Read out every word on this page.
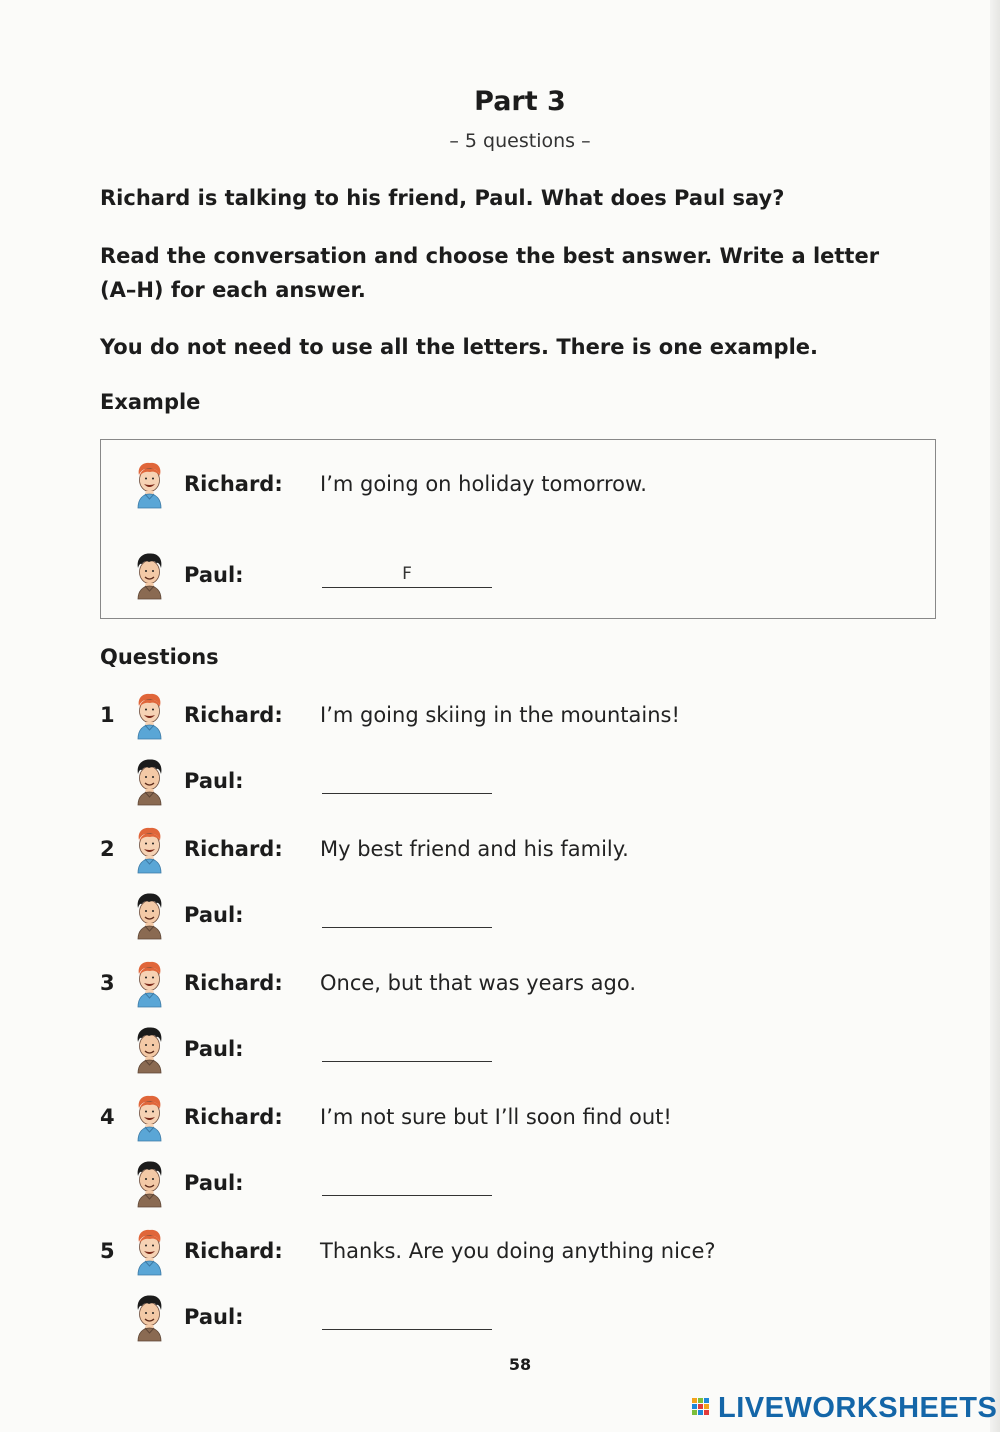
Part 3
– 5 questions –
Richard is talking to his friend, Paul. What does Paul say?
Read the conversation and choose the best answer. Write a letter (A–H) for each answer.
You do not need to use all the letters. There is one example.
Example
Richard: I’m going on holiday tomorrow.
Paul:	F
Questions
1	Richard: I’m going skiing in the mountains!
Paul:
2	Richard: My best friend and his family.
Paul:
3	Richard: Once, but that was years ago.
Paul:
4	Richard: I’m not sure but I’ll soon find out!
Paul:
5	Richard: Thanks. Are you doing anything nice?
Paul:
58
LIVEWORKSHEETS
